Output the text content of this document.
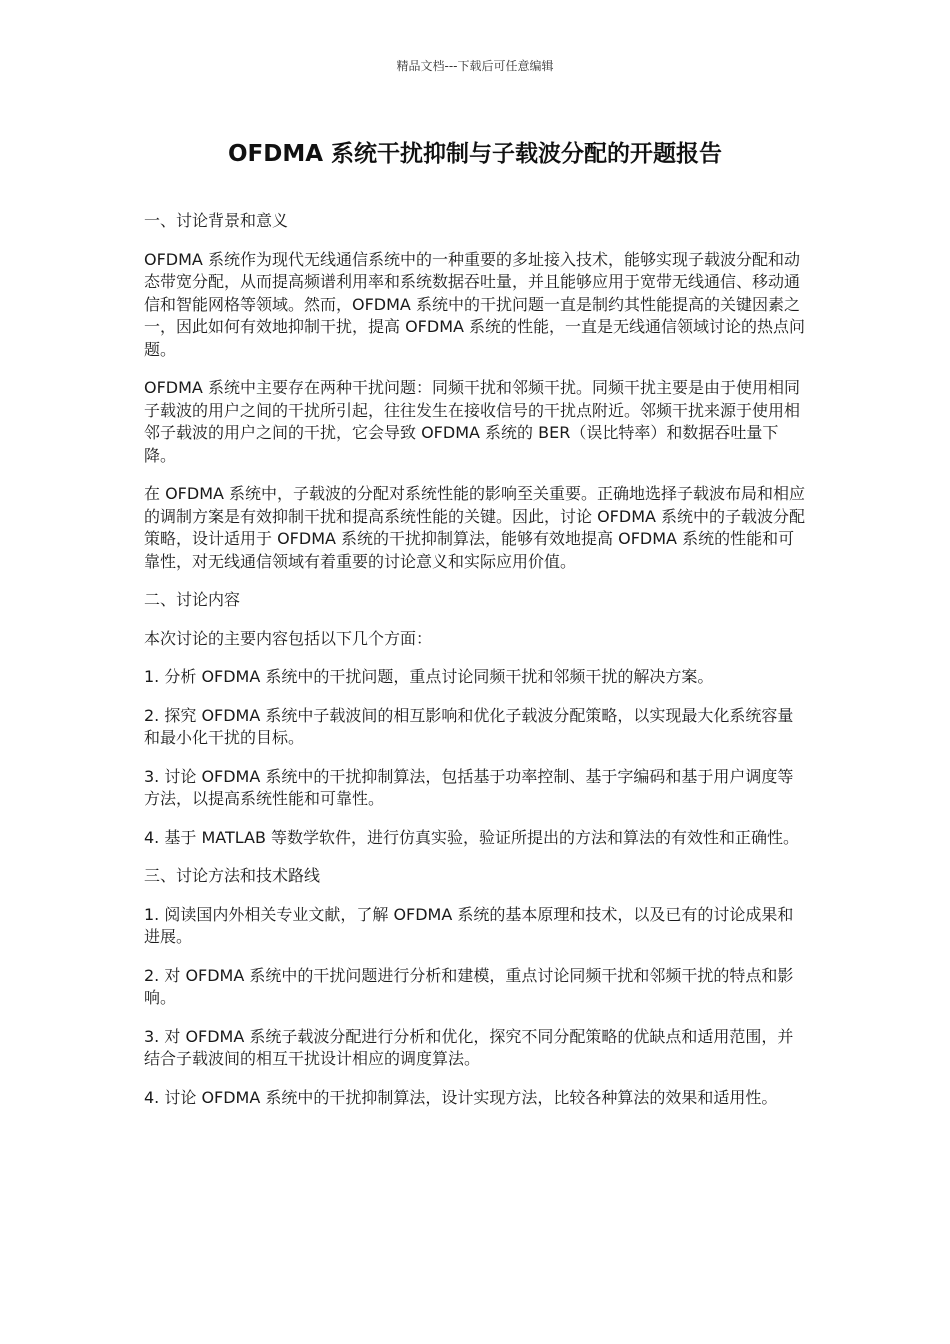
精品文档---下载后可任意编辑
OFDMA 系统干扰抑制与子载波分配的开题报告

一、讨论背景和意义

OFDMA 系统作为现代无线通信系统中的一种重要的多址接入技术，能够实现子载波分配和动态带宽分配，从而提高频谱利用率和系统数据吞吐量，并且能够应用于宽带无线通信、移动通信和智能网格等领域。然而，OFDMA 系统中的干扰问题一直是制约其性能提高的关键因素之一，因此如何有效地抑制干扰，提高 OFDMA 系统的性能，一直是无线通信领域讨论的热点问题。

OFDMA 系统中主要存在两种干扰问题：同频干扰和邻频干扰。同频干扰主要是由于使用相同子载波的用户之间的干扰所引起，往往发生在接收信号的干扰点附近。邻频干扰来源于使用相邻子载波的用户之间的干扰，它会导致 OFDMA 系统的 BER（误比特率）和数据吞吐量下降。

在 OFDMA 系统中，子载波的分配对系统性能的影响至关重要。正确地选择子载波布局和相应的调制方案是有效抑制干扰和提高系统性能的关键。因此，讨论 OFDMA 系统中的子载波分配策略，设计适用于 OFDMA 系统的干扰抑制算法，能够有效地提高 OFDMA 系统的性能和可靠性，对无线通信领域有着重要的讨论意义和实际应用价值。

二、讨论内容

本次讨论的主要内容包括以下几个方面：

1. 分析 OFDMA 系统中的干扰问题，重点讨论同频干扰和邻频干扰的解决方案。

2. 探究 OFDMA 系统中子载波间的相互影响和优化子载波分配策略，以实现最大化系统容量和最小化干扰的目标。

3. 讨论 OFDMA 系统中的干扰抑制算法，包括基于功率控制、基于字编码和基于用户调度等方法，以提高系统性能和可靠性。

4. 基于 MATLAB 等数学软件，进行仿真实验，验证所提出的方法和算法的有效性和正确性。

三、讨论方法和技术路线

1. 阅读国内外相关专业文献，了解 OFDMA 系统的基本原理和技术，以及已有的讨论成果和进展。

2. 对 OFDMA 系统中的干扰问题进行分析和建模，重点讨论同频干扰和邻频干扰的特点和影响。

3. 对 OFDMA 系统子载波分配进行分析和优化，探究不同分配策略的优缺点和适用范围，并结合子载波间的相互干扰设计相应的调度算法。

4. 讨论 OFDMA 系统中的干扰抑制算法，设计实现方法，比较各种算法的效果和适用性。
